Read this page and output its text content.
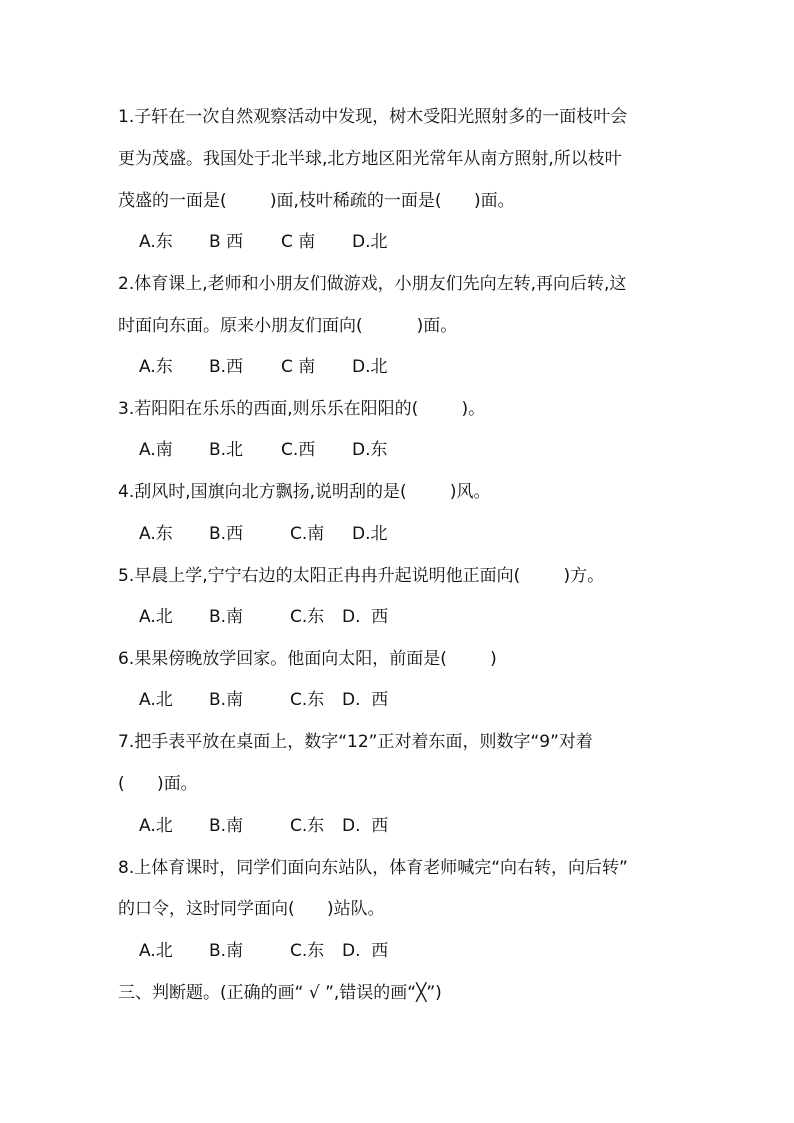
1.子轩在一次自然观察活动中发现，树木受阳光照射多的一面枝叶会
更为茂盛。我国处于北半球,北方地区阳光常年从南方照射,所以枝叶
茂盛的一面是(        )面,枝叶稀疏的一面是(      )面。
A.东 B 西 C 南 D.北
2.体育课上,老师和小朋友们做游戏，小朋友们先向左转,再向后转,这
时面向东面。原来小朋友们面向(          )面。
A.东 B.西 C 南 D.北
3.若阳阳在乐乐的西面,则乐乐在阳阳的(        )。
A.南 B.北 C.西 D.东
4.刮风时,国旗向北方飘扬,说明刮的是(        )风。
A.东 B.西	C.南 D.北
5.早晨上学,宁宁右边的太阳正冉冉升起说明他正面向(        )方。
A.北 B.南	C.东 D.  西
6.果果傍晚放学回家。他面向太阳，前面是(        )
A.北 B.南	C.东 D.  西
7.把手表平放在桌面上，数字“12”正对着东面，则数字“9”对着
(      )面。
A.北 B.南	C.东 D.  西
8.上体育课时，同学们面向东站队，体育老师喊完“向右转，向后转”
的口令，这时同学面向(      )站队。
A.北 B.南	C.东 D.  西
三、判断题。(正确的画“ √ ”,错误的画“╳”)
